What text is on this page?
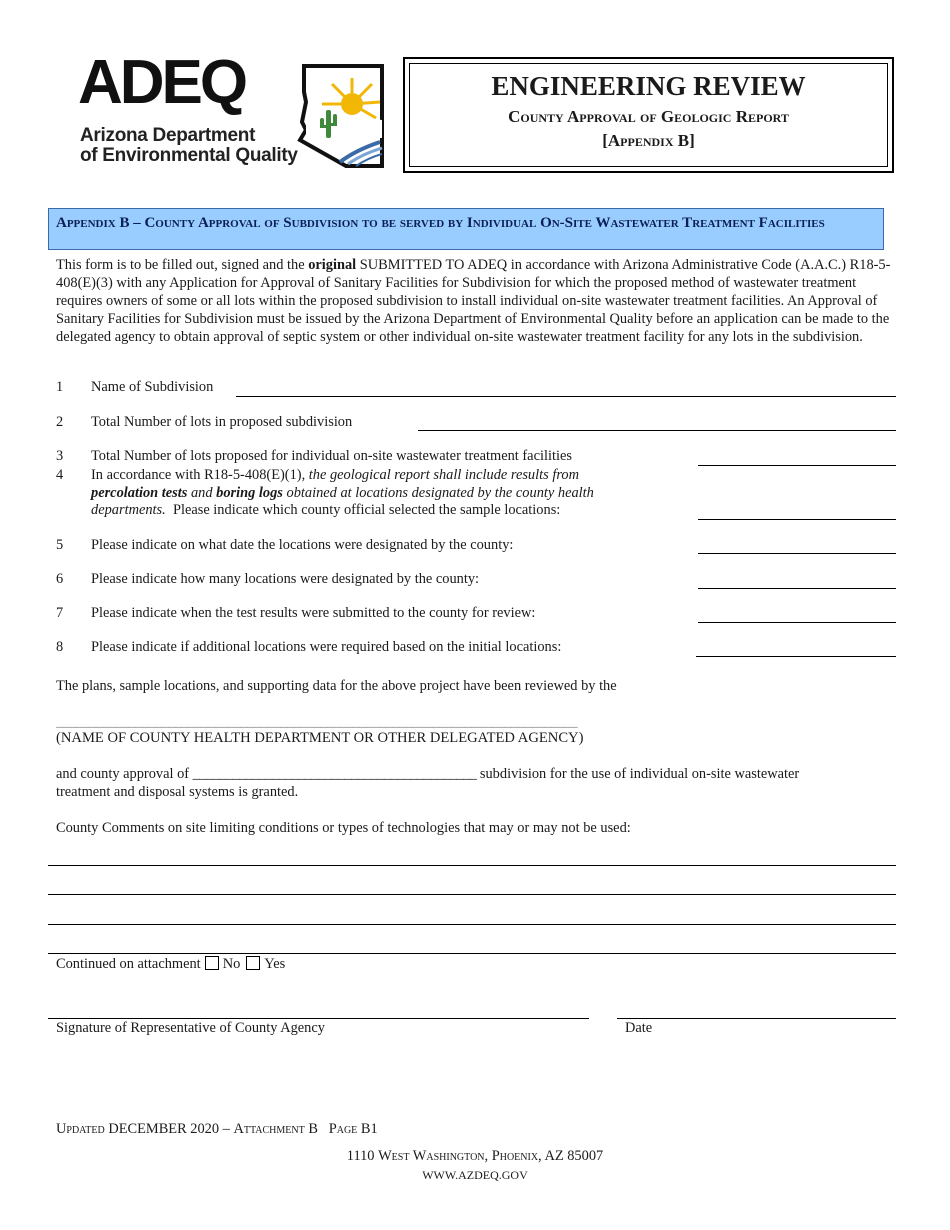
ADEQ
Arizona Department
of Environmental Quality
ENGINEERING REVIEW
County Approval of Geologic Report
[Appendix B]
Appendix B – County Approval of Subdivision to be served by Individual On-Site Wastewater Treatment Facilities
This form is to be filled out, signed and the original SUBMITTED TO ADEQ in accordance with Arizona Administrative Code (A.A.C.) R18-5-408(E)(3) with any Application for Approval of Sanitary Facilities for Subdivision for which the proposed method of wastewater treatment requires owners of some or all lots within the proposed subdivision to install individual on-site wastewater treatment facilities. An Approval of Sanitary Facilities for Subdivision must be issued by the Arizona Department of Environmental Quality before an application can be made to the delegated agency to obtain approval of septic system or other individual on-site wastewater treatment facility for any lots in the subdivision.
1 Name of Subdivision
2 Total Number of lots in proposed subdivision
3 Total Number of lots proposed for individual on-site wastewater treatment facilities
4 In accordance with R18-5-408(E)(1), the geological report shall include results from
percolation tests and boring logs obtained at locations designated by the county health
departments.  Please indicate which county official selected the sample locations:
5 Please indicate on what date the locations were designated by the county:
6 Please indicate how many locations were designated by the county:
7 Please indicate when the test results were submitted to the county for review:
8 Please indicate if additional locations were required based on the initial locations:
The plans, sample locations, and supporting data for the above project have been reviewed by the
_______________________________________________________________________________
(NAME OF COUNTY HEALTH DEPARTMENT OR OTHER DELEGATED AGENCY)
and county approval of ___________________________________________ subdivision for the use of individual on-site wastewater
treatment and disposal systems is granted.
County Comments on site limiting conditions or types of technologies that may or may not be used:
Continued on attachment No Yes
Signature of Representative of County Agency	Date
Updated DECEMBER 2020 – Attachment B   Page B1
1110 West Washington, Phoenix, AZ 85007
WWW.AZDEQ.GOV
